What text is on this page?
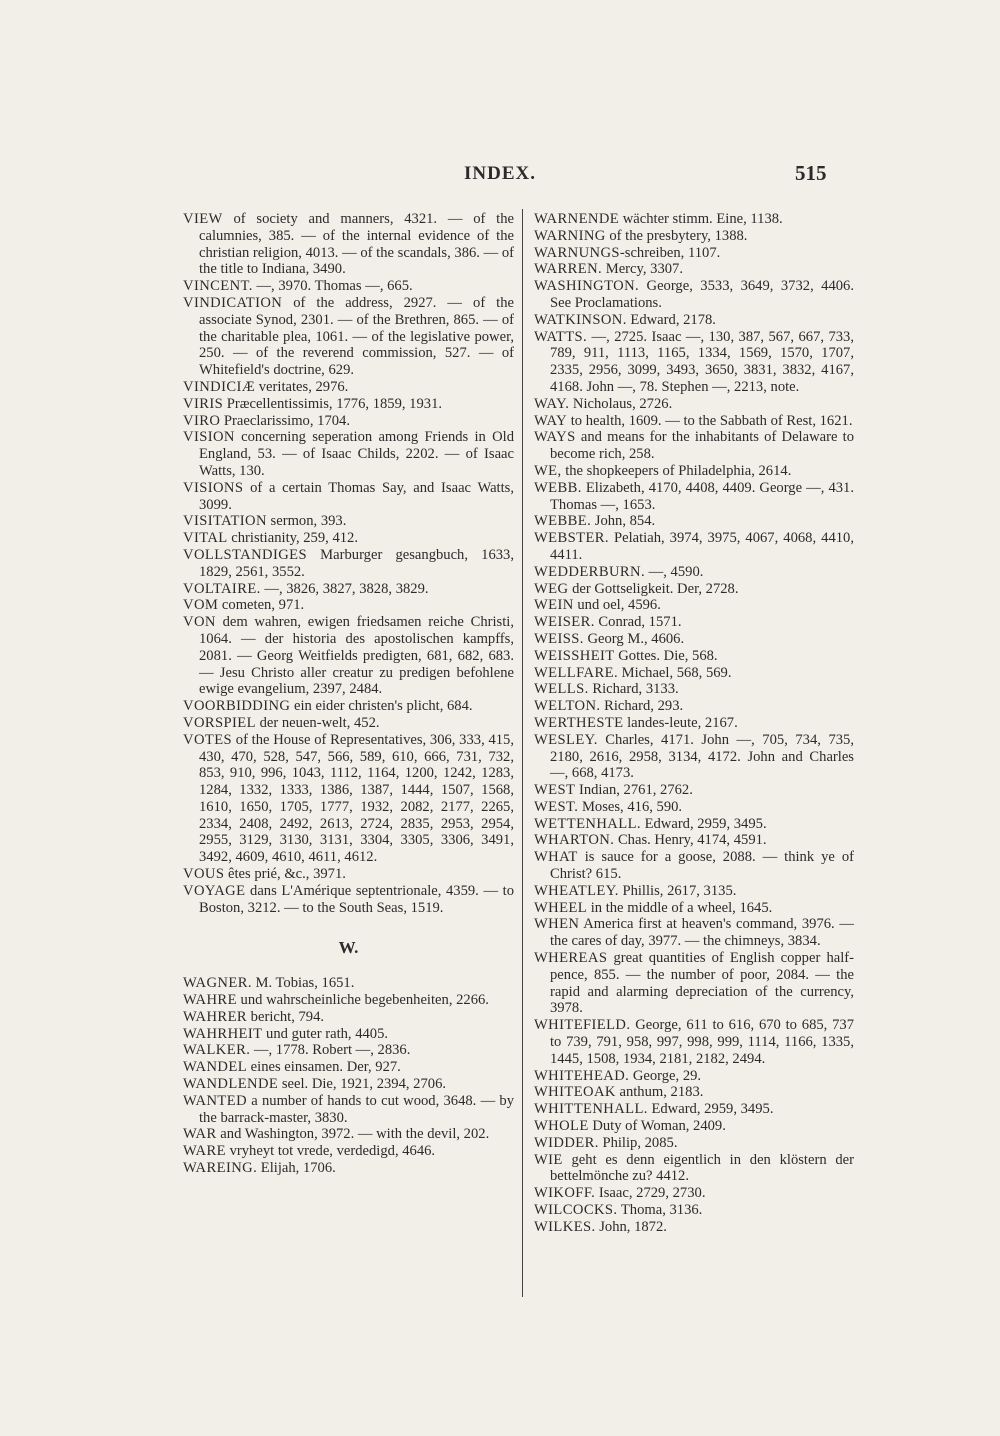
INDEX.	515

VIEW of society and manners, 4321. — of the calumnies, 385. — of the internal evidence of the christian religion, 4013. — of the scandals, 386. — of the title to Indiana, 3490.

VINCENT. —, 3970. Thomas —, 665.

VINDICATION of the address, 2927. — of the associate Synod, 2301. — of the Brethren, 865. — of the charitable plea, 1061. — of the legislative power, 250. — of the reverend commission, 527. — of Whitefield's doctrine, 629.

VINDICIÆ veritates, 2976.

VIRIS Præcellentissimis, 1776, 1859, 1931.

VIRO Praeclarissimo, 1704.

VISION concerning seperation among Friends in Old England, 53. — of Isaac Childs, 2202. — of Isaac Watts, 130.

VISIONS of a certain Thomas Say, and Isaac Watts, 3099.

VISITATION sermon, 393.

VITAL christianity, 259, 412.

VOLLSTANDIGES Marburger gesangbuch, 1633, 1829, 2561, 3552.

VOLTAIRE. —, 3826, 3827, 3828, 3829.

VOM cometen, 971.

VON dem wahren, ewigen friedsamen reiche Christi, 1064. — der historia des apostolischen kampffs, 2081. — Georg Weitfields predigten, 681, 682, 683. — Jesu Christo aller creatur zu predigen befohlene ewige evangelium, 2397, 2484.

VOORBIDDING ein eider christen's plicht, 684.

VORSPIEL der neuen-welt, 452.

VOTES of the House of Representatives, 306, 333, 415, 430, 470, 528, 547, 566, 589, 610, 666, 731, 732, 853, 910, 996, 1043, 1112, 1164, 1200, 1242, 1283, 1284, 1332, 1333, 1386, 1387, 1444, 1507, 1568, 1610, 1650, 1705, 1777, 1932, 2082, 2177, 2265, 2334, 2408, 2492, 2613, 2724, 2835, 2953, 2954, 2955, 3129, 3130, 3131, 3304, 3305, 3306, 3491, 3492, 4609, 4610, 4611, 4612.

VOUS êtes prié, &c., 3971.

VOYAGE dans L'Amérique septentrionale, 4359. — to Boston, 3212. — to the South Seas, 1519.

W.

WAGNER. M. Tobias, 1651.

WAHRE und wahrscheinliche begebenheiten, 2266.

WAHRER bericht, 794.

WAHRHEIT und guter rath, 4405.

WALKER. —, 1778. Robert —, 2836.

WANDEL eines einsamen. Der, 927.

WANDLENDE seel. Die, 1921, 2394, 2706.

WANTED a number of hands to cut wood, 3648. — by the barrack-master, 3830.

WAR and Washington, 3972. — with the devil, 202.

WARE vryheyt tot vrede, verdedigd, 4646.

WAREING. Elijah, 1706.

WARNENDE wächter stimm. Eine, 1138.

WARNING of the presbytery, 1388.

WARNUNGS-schreiben, 1107.

WARREN. Mercy, 3307.

WASHINGTON. George, 3533, 3649, 3732, 4406. See Proclamations.

WATKINSON. Edward, 2178.

WATTS. —, 2725. Isaac —, 130, 387, 567, 667, 733, 789, 911, 1113, 1165, 1334, 1569, 1570, 1707, 2335, 2956, 3099, 3493, 3650, 3831, 3832, 4167, 4168. John —, 78. Stephen —, 2213, note.

WAY. Nicholaus, 2726.

WAY to health, 1609. — to the Sabbath of Rest, 1621.

WAYS and means for the inhabitants of Delaware to become rich, 258.

WE, the shopkeepers of Philadelphia, 2614.

WEBB. Elizabeth, 4170, 4408, 4409. George —, 431. Thomas —, 1653.

WEBBE. John, 854.

WEBSTER. Pelatiah, 3974, 3975, 4067, 4068, 4410, 4411.

WEDDERBURN. —, 4590.

WEG der Gottseligkeit. Der, 2728.

WEIN und oel, 4596.

WEISER. Conrad, 1571.

WEISS. Georg M., 4606.

WEISSHEIT Gottes. Die, 568.

WELLFARE. Michael, 568, 569.

WELLS. Richard, 3133.

WELTON. Richard, 293.

WERTHESTE landes-leute, 2167.

WESLEY. Charles, 4171. John —, 705, 734, 735, 2180, 2616, 2958, 3134, 4172. John and Charles —, 668, 4173.

WEST Indian, 2761, 2762.

WEST. Moses, 416, 590.

WETTENHALL. Edward, 2959, 3495.

WHARTON. Chas. Henry, 4174, 4591.

WHAT is sauce for a goose, 2088. — think ye of Christ? 615.

WHEATLEY. Phillis, 2617, 3135.

WHEEL in the middle of a wheel, 1645.

WHEN America first at heaven's command, 3976. — the cares of day, 3977. — the chimneys, 3834.

WHEREAS great quantities of English copper half-pence, 855. — the number of poor, 2084. — the rapid and alarming depreciation of the currency, 3978.

WHITEFIELD. George, 611 to 616, 670 to 685, 737 to 739, 791, 958, 997, 998, 999, 1114, 1166, 1335, 1445, 1508, 1934, 2181, 2182, 2494.

WHITEHEAD. George, 29.

WHITEOAK anthum, 2183.

WHITTENHALL. Edward, 2959, 3495.

WHOLE Duty of Woman, 2409.

WIDDER. Philip, 2085.

WIE geht es denn eigentlich in den klöstern der bettelmönche zu? 4412.

WIKOFF. Isaac, 2729, 2730.

WILCOCKS. Thoma, 3136.

WILKES. John, 1872.
